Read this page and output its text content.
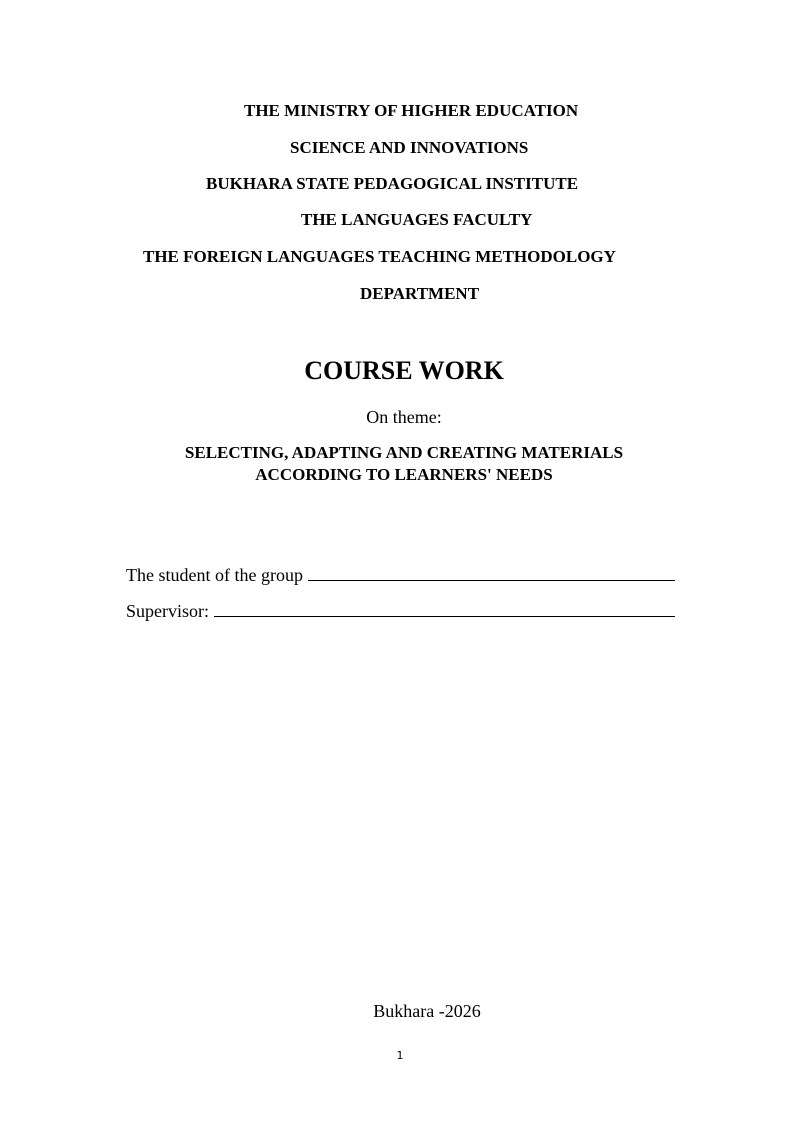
THE MINISTRY OF HIGHER EDUCATION
SCIENCE AND INNOVATIONS
BUKHARA STATE PEDAGOGICAL INSTITUTE
THE LANGUAGES FACULTY
THE FOREIGN LANGUAGES TEACHING METHODOLOGY
DEPARTMENT
COURSE WORK
On theme:
SELECTING, ADAPTING AND CREATING MATERIALS
ACCORDING TO LEARNERS' NEEDS
The student of the group
Supervisor:
Bukhara -2026
1
